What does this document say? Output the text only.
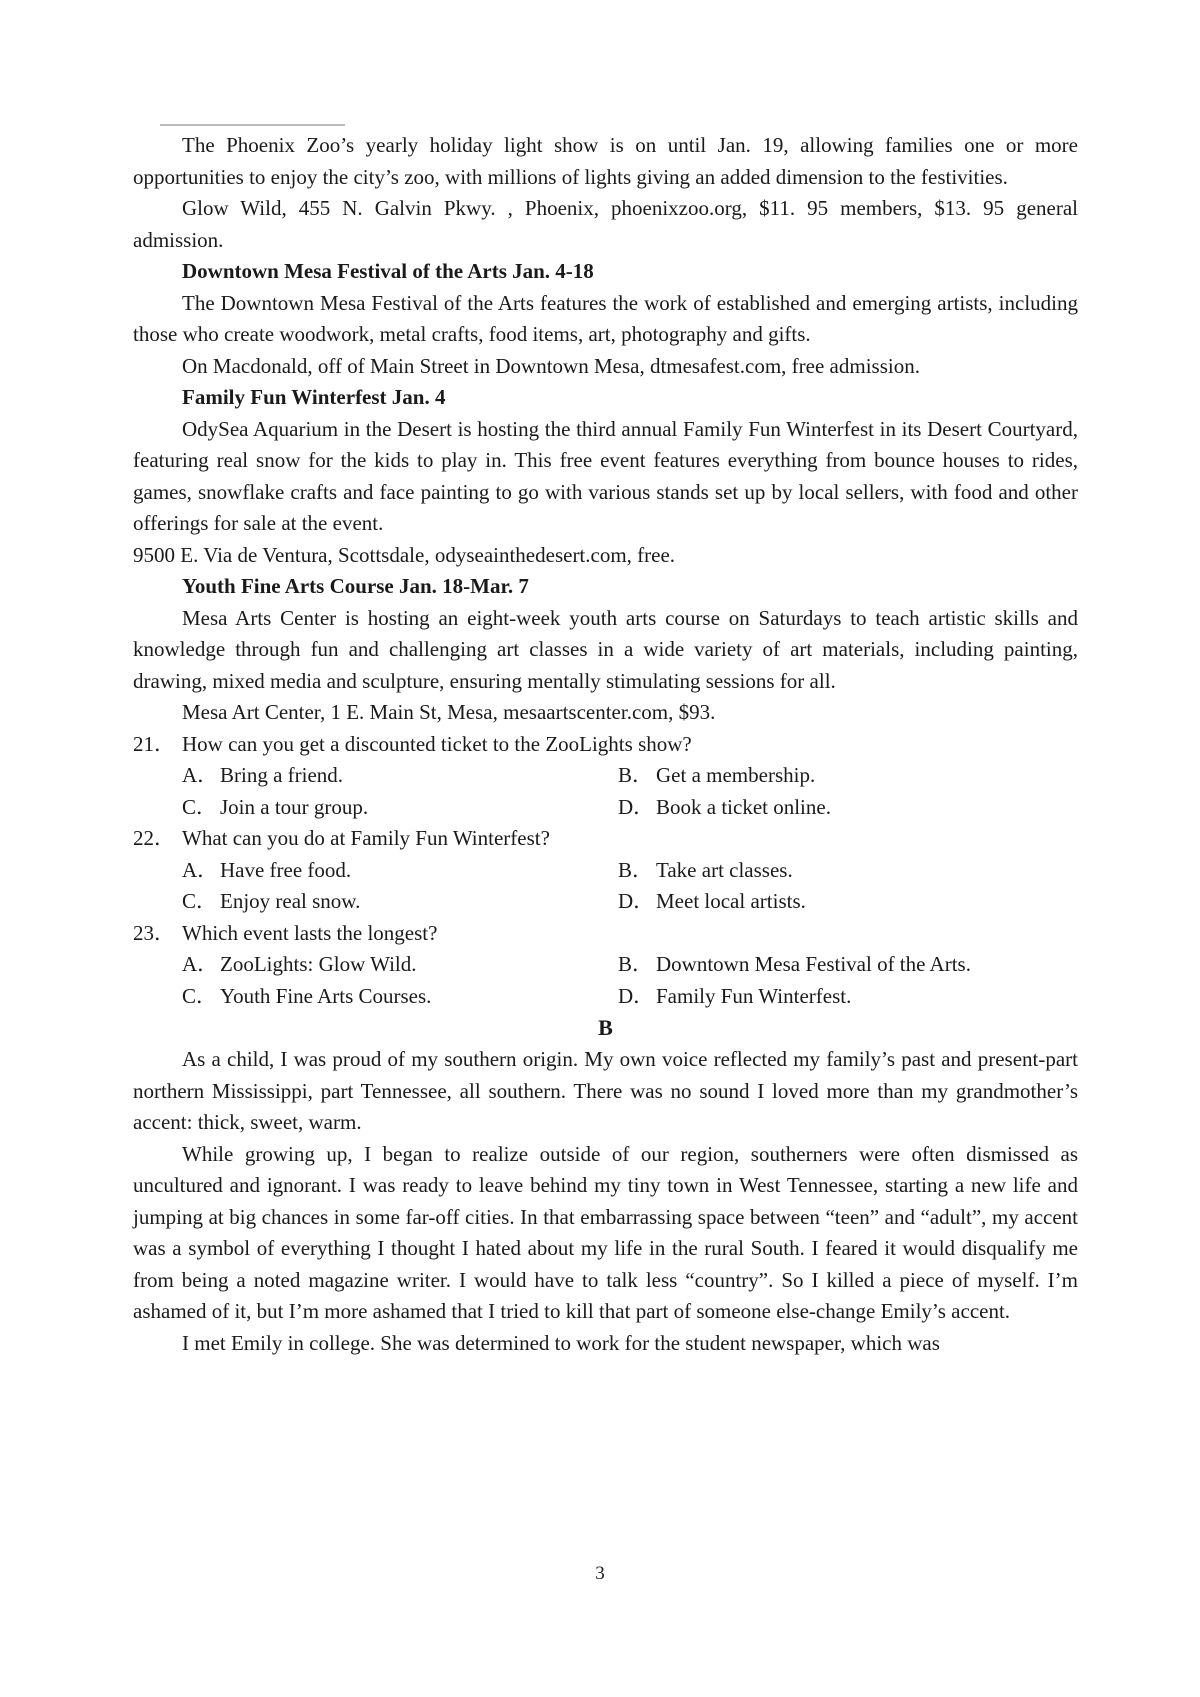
The Phoenix Zoo’s yearly holiday light show is on until Jan. 19, allowing families one or more opportunities to enjoy the city’s zoo, with millions of lights giving an added dimension to the festivities.

Glow Wild, 455 N. Galvin Pkwy. , Phoenix, phoenixzoo.org, $11. 95 members, $13. 95 general admission.

Downtown Mesa Festival of the Arts Jan. 4-18

The Downtown Mesa Festival of the Arts features the work of established and emerging artists, including those who create woodwork, metal crafts, food items, art, photography and gifts.

On Macdonald, off of Main Street in Downtown Mesa, dtmesafest.com, free admission.

Family Fun Winterfest Jan. 4

OdySea Aquarium in the Desert is hosting the third annual Family Fun Winterfest in its Desert Courtyard, featuring real snow for the kids to play in. This free event features everything from bounce houses to rides, games, snowflake crafts and face painting to go with various stands set up by local sellers, with food and other offerings for sale at the event.

9500 E. Via de Ventura, Scottsdale, odyseainthedesert.com, free.

Youth Fine Arts Course Jan. 18-Mar. 7

Mesa Arts Center is hosting an eight-week youth arts course on Saturdays to teach artistic skills and knowledge through fun and challenging art classes in a wide variety of art materials, including painting, drawing, mixed media and sculpture, ensuring mentally stimulating sessions for all.

Mesa Art Center, 1 E. Main St, Mesa, mesaartscenter.com, $93.

21． How can you get a discounted ticket to the ZooLights show?
A．Bring a friend.	B． Get a membership.
C． Join a tour group.	D．Book a ticket online.
22． What can you do at Family Fun Winterfest?
A．Have free food.	B． Take art classes.
C． Enjoy real snow.	D．Meet local artists.
23． Which event lasts the longest?
A．ZooLights: Glow Wild.	B． Downtown Mesa Festival of the Arts.
C． Youth Fine Arts Courses.	D．Family Fun Winterfest.
B

As a child, I was proud of my southern origin. My own voice reflected my family’s past and present-part northern Mississippi, part Tennessee, all southern. There was no sound I loved more than my grandmother’s accent: thick, sweet, warm.

While growing up, I began to realize outside of our region, southerners were often dismissed as uncultured and ignorant. I was ready to leave behind my tiny town in West Tennessee, starting a new life and jumping at big chances in some far-off cities. In that embarrassing space between “teen” and “adult”, my accent was a symbol of everything I thought I hated about my life in the rural South. I feared it would disqualify me from being a noted magazine writer. I would have to talk less “country”. So I killed a piece of myself. I’m ashamed of it, but I’m more ashamed that I tried to kill that part of someone else-change Emily’s accent.

I met Emily in college. She was determined to work for the student newspaper, which was

3
